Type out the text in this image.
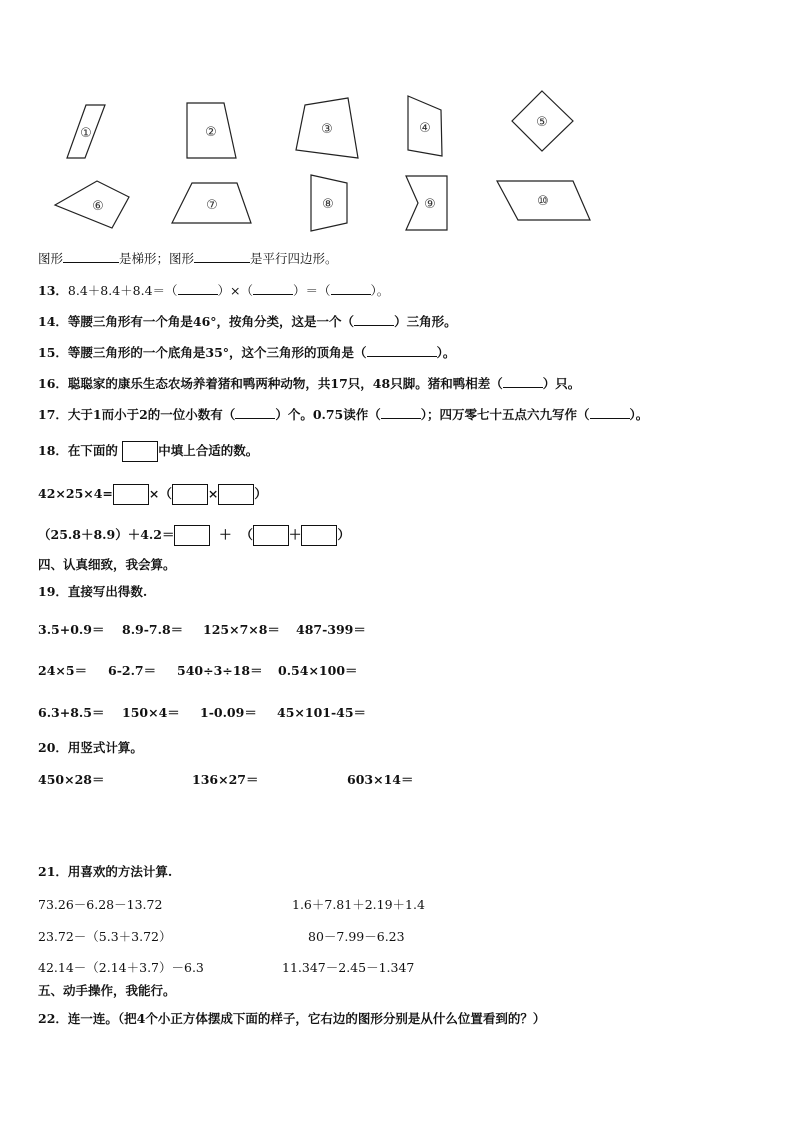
①	②	③	④	⑤
⑥	⑦	⑧	⑨	⑩
图形	是梯形；图形	是平行四边形。
13．8.4＋8.4＋8.4＝（	）×（	）＝（	）。
14．等腰三角形有一个角是46°，按角分类，这是一个（	）三角形。
15．等腰三角形的一个底角是35°，这个三角形的顶角是（	）。
16．聪聪家的康乐生态农场养着猪和鸭两种动物，共17只，48只脚。猪和鸭相差（	）只。
17．大于1而小于2的一位小数有（	）个。0.75读作（	）；四万零七十五点六九写作（	）。
18．在下面的	中填上合适的数。
42×25×4=	×（	×	）
（25.8＋8.9）＋4.2＝	＋ （	＋	）
四、认真细致，我会算。
19．直接写出得数.
3.5+0.9＝ 8.9-7.8＝ 125×7×8＝ 487-399＝
24×5＝ 6-2.7＝ 540÷3÷18＝ 0.54×100＝
6.3+8.5＝ 150×4＝ 1-0.09＝ 45×101-45＝
20．用竖式计算。
450×28＝	136×27＝	603×14＝
21．用喜欢的方法计算.
73.26－6.28－13.72	1.6＋7.81＋2.19＋1.4
23.72－（5.3＋3.72）	80－7.99－6.23
42.14－（2.14＋3.7）－6.3	11.347－2.45－1.347
五、动手操作，我能行。
22．连一连。（把4个小正方体摆成下面的样子，它右边的图形分别是从什么位置看到的？）
